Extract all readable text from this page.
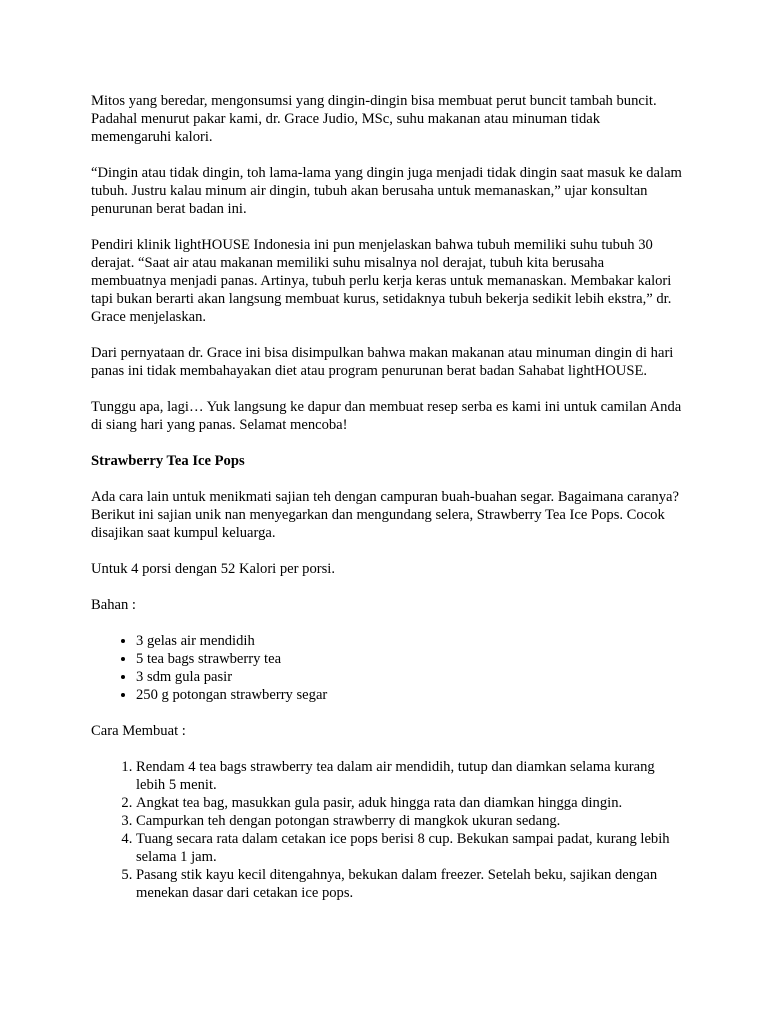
Mitos yang beredar, mengonsumsi yang dingin-dingin bisa membuat perut buncit tambah buncit. Padahal menurut pakar kami, dr. Grace Judio, MSc, suhu makanan atau minuman tidak memengaruhi kalori.

“Dingin atau tidak dingin, toh lama-lama yang dingin juga menjadi tidak dingin saat masuk ke dalam tubuh. Justru kalau minum air dingin, tubuh akan berusaha untuk memanaskan,” ujar konsultan penurunan berat badan ini.

Pendiri klinik lightHOUSE Indonesia ini pun menjelaskan bahwa tubuh memiliki suhu tubuh 30 derajat. “Saat air atau makanan memiliki suhu misalnya nol derajat, tubuh kita berusaha membuatnya menjadi panas. Artinya, tubuh perlu kerja keras untuk memanaskan. Membakar kalori tapi bukan berarti akan langsung membuat kurus, setidaknya tubuh bekerja sedikit lebih ekstra,” dr. Grace menjelaskan.

Dari pernyataan dr. Grace ini bisa disimpulkan bahwa makan makanan atau minuman dingin di hari panas ini tidak membahayakan diet atau program penurunan berat badan Sahabat lightHOUSE.

Tunggu apa, lagi… Yuk langsung ke dapur dan membuat resep serba es kami ini untuk camilan Anda di siang hari yang panas. Selamat mencoba!

Strawberry Tea Ice Pops

Ada cara lain untuk menikmati sajian teh dengan campuran buah-buahan segar. Bagaimana caranya? Berikut ini sajian unik nan menyegarkan dan mengundang selera, Strawberry Tea Ice Pops. Cocok disajikan saat kumpul keluarga.

Untuk 4 porsi dengan 52 Kalori per porsi.

Bahan :

• 3 gelas air mendidih
• 5 tea bags strawberry tea
• 3 sdm gula pasir
• 250 g potongan strawberry segar

Cara Membuat :

1. Rendam 4 tea bags strawberry tea dalam air mendidih, tutup dan diamkan selama kurang lebih 5 menit.
2. Angkat tea bag, masukkan gula pasir, aduk hingga rata dan diamkan hingga dingin.
3. Campurkan teh dengan potongan strawberry di mangkok ukuran sedang.
4. Tuang secara rata dalam cetakan ice pops berisi 8 cup. Bekukan sampai padat, kurang lebih selama 1 jam.
5. Pasang stik kayu kecil ditengahnya, bekukan dalam freezer. Setelah beku, sajikan dengan menekan dasar dari cetakan ice pops.
